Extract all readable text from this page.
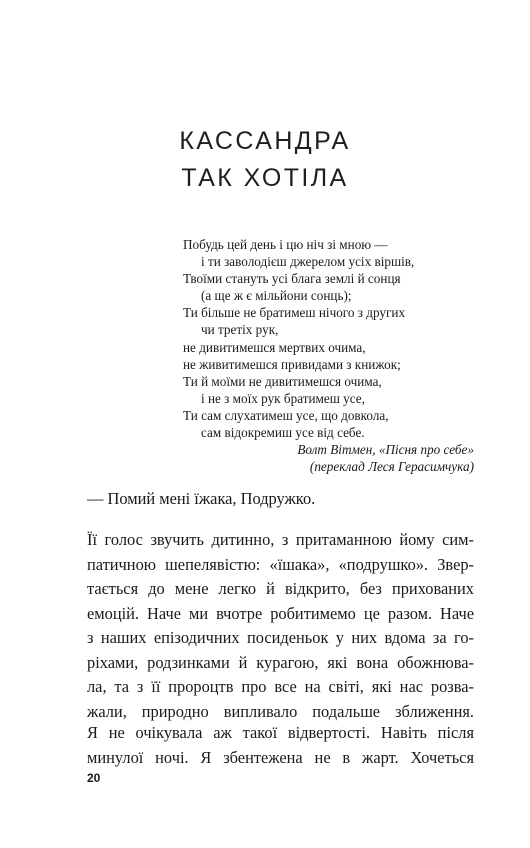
КАССАНДРА
ТАК ХОТІЛА
Побудь цей день і цю ніч зі мною —
і ти заволодієш джерелом усіх віршів,
Твоїми стануть усі блага землі й сонця
(а ще ж є мільйони сонць);
Ти більше не братимеш нічого з других
чи третіх рук,
не дивитимешся мертвих очима,
не живитимешся привидами з книжок;
Ти й моїми не дивитимешся очима,
і не з моїх рук братимеш усе,
Ти сам слухатимеш усе, що довкола,
сам відокремиш усе від себе.
Волт Вітмен, «Пісня про себе»
(переклад Леся Герасимчука)

— Помий мені їжака, Подружко.

Її голос звучить дитинно, з притаманною йому сим-

патичною шепелявістю: «їшака», «подрушко». Звер-

тається до мене легко й відкрито, без прихованих

емоцій. Наче ми вчотре робитимемо це разом. Наче

з наших епізодичних посиденьок у них вдома за го-

ріхами, родзинками й курагою, які вона обожнюва-

ла, та з її пророцтв про все на світі, які нас розва-

жали, природно випливало подальше зближення.

Я не очікувала аж такої відвертості. Навіть після

минулої ночі. Я збентежена не в жарт. Хочеться

20
